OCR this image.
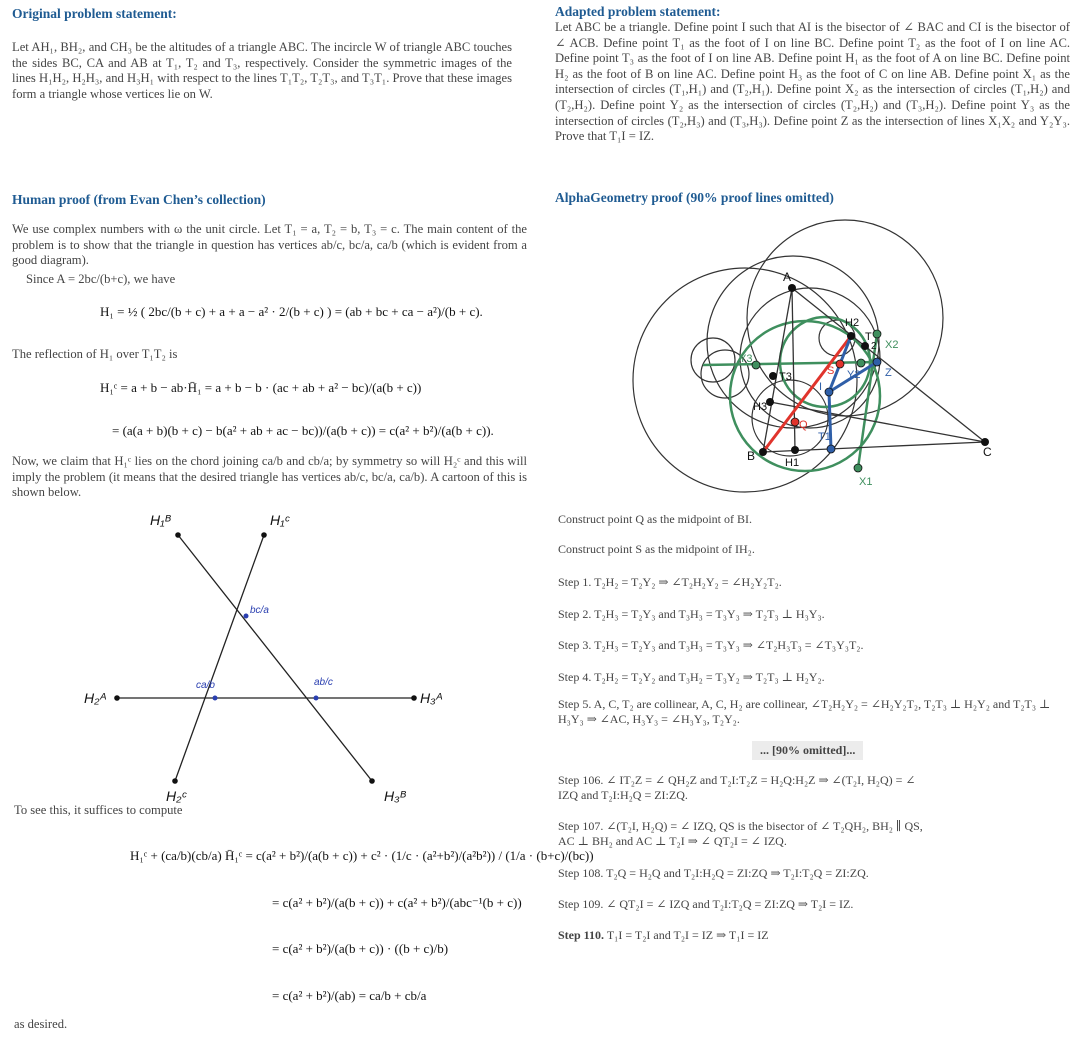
Original problem statement:
Let AH₁, BH₂, and CH₃ be the altitudes of a triangle ABC. The incircle W of triangle ABC touches the sides BC, CA and AB at T₁, T₂ and T₃, respectively. Consider the symmetric images of the lines H₁H₂, H₂H₃, and H₃H₁ with respect to the lines T₁T₂, T₂T₃, and T₃T₁. Prove that these images form a triangle whose vertices lie on W.
Human proof (from Evan Chen’s collection)
We use complex numbers with ω the unit circle. Let T₁ = a, T₂ = b, T₃ = c. The main content of the problem is to show that the triangle in question has vertices ab/c, bc/a, ca/b (which is evident from a good diagram).
Since A = 2bc/(b+c), we have
H₁ = ½ ( 2bc/(b + c) + a + a − a² · 2/(b + c) ) = (ab + bc + ca − a²)/(b + c).
The reflection of H₁ over T₁T₂ is
H₁ᶜ = a + b − ab·H̄₁ = a + b − b · (ac + ab + a² − bc)/(a(b + c))
= (a(a + b)(b + c) − b(a² + ab + ac − bc))/(a(b + c)) = c(a² + b²)/(a(b + c)).
Now, we claim that H₁ᶜ lies on the chord joining ca/b and cb/a; by symmetry so will H₂ᶜ and this will imply the problem (it means that the desired triangle has vertices ab/c, bc/a, ca/b). A cartoon of this is shown below.
H₁ᴮ	H₁ᶜ
H₂ᴬ	H₃ᴬ
H₂ᶜ	H₃ᴮ
bc/a
ca/b	ab/c
To see this, it suffices to compute
H₁ᶜ + (ca/b)(cb/a) H̄₁ᶜ = c(a² + b²)/(a(b + c)) + c² · (1/c · (a²+b²)/(a²b²)) / (1/a · (b+c)/(bc))
= c(a² + b²)/(a(b + c)) + c(a² + b²)/(abc⁻¹(b + c))
= c(a² + b²)/(a(b + c)) · ((b + c)/b)
= c(a² + b²)/(ab) = ca/b + cb/a
as desired.
Adapted problem statement:
Let ABC be a triangle. Define point I such that AI is the bisector of ∠ BAC and CI is the bisector of ∠ ACB. Define point T₁ as the foot of I on line BC. Define point T₂ as the foot of I on line AC. Define point T₃ as the foot of I on line AB. Define point H₁ as the foot of A on line BC. Define point H₂ as the foot of B on line AC. Define point H₃ as the foot of C on line AB. Define point X₁ as the intersection of circles (T₁,H₁) and (T₂,H₁). Define point X₂ as the intersection of circles (T₁,H₂) and (T₂,H₂). Define point Y₂ as the intersection of circles (T₂,H₂) and (T₃,H₂). Define point Y₃ as the intersection of circles (T₂,H₃) and (T₃,H₃). Define point Z as the intersection of lines X₁X₂ and Y₂Y₃. Prove that T₁I = IZ.
AlphaGeometry proof (90% proof lines omitted)
A
B	C
H1
H2
H3
T3
T
2
T1
X1
X2
Y3
Y2 Z
I
S
Q
Construct point Q as the midpoint of BI.
Construct point S as the midpoint of IH₂.
Step 1. T₂H₂ = T₂Y₂ ⇒ ∠T₂H₂Y₂ = ∠H₂Y₂T₂.
Step 2. T₂H₃ = T₂Y₃ and T₃H₃ = T₃Y₃ ⇒ T₂T₃ ⊥ H₃Y₃.
Step 3. T₂H₃ = T₂Y₃ and T₃H₃ = T₃Y₃ ⇒ ∠T₂H₃T₃ = ∠T₃Y₃T₂.
Step 4. T₂H₂ = T₂Y₂ and T₃H₂ = T₃Y₂ ⇒ T₂T₃ ⊥ H₂Y₂.
Step 5. A, C, T₂ are collinear, A, C, H₂ are collinear, ∠T₂H₂Y₂ = ∠H₂Y₂T₂, T₂T₃ ⊥ H₂Y₂ and T₂T₃ ⊥ H₃Y₃ ⇒ ∠AC, H₃Y₃ = ∠H₃Y₃, T₂Y₂.
... [90% omitted]...
Step 106. ∠ IT₂Z = ∠ QH₂Z and T₂I:T₂Z = H₂Q:H₂Z ⇒ ∠(T₂I, H₂Q) = ∠ IZQ and T₂I:H₂Q = ZI:ZQ.
Step 107. ∠(T₂I, H₂Q) = ∠ IZQ, QS is the bisector of ∠ T₂QH₂, BH₂ ∥ QS, AC ⊥ BH₂ and AC ⊥ T₂I ⇒ ∠ QT₂I = ∠ IZQ.
Step 108. T₂Q = H₂Q and T₂I:H₂Q = ZI:ZQ ⇒ T₂I:T₂Q = ZI:ZQ.
Step 109. ∠ QT₂I = ∠ IZQ and T₂I:T₂Q = ZI:ZQ ⇒ T₂I = IZ.
Step 110. T₁I = T₂I and T₂I = IZ ⇒ T₁I = IZ
